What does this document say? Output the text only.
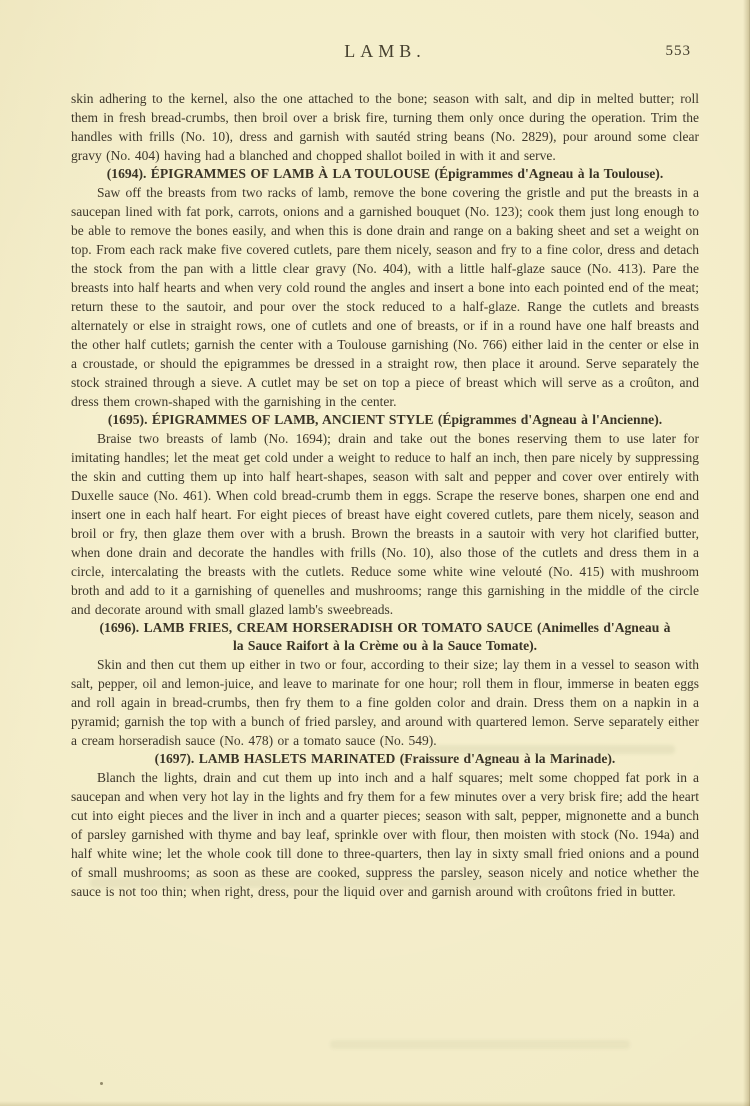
LAMB.	553

skin adhering to the kernel, also the one attached to the bone; season with salt, and dip in melted butter; roll them in fresh bread-crumbs, then broil over a brisk fire, turning them only once during the operation. Trim the handles with frills (No. 10), dress and garnish with sautéd string beans (No. 2829), pour around some clear gravy (No. 404) having had a blanched and chopped shallot boiled in with it and serve.

(1694). ÉPIGRAMMES OF LAMB À LA TOULOUSE (Épigrammes d'Agneau à la Toulouse).

Saw off the breasts from two racks of lamb, remove the bone covering the gristle and put the breasts in a saucepan lined with fat pork, carrots, onions and a garnished bouquet (No. 123); cook them just long enough to be able to remove the bones easily, and when this is done drain and range on a baking sheet and set a weight on top. From each rack make five covered cutlets, pare them nicely, season and fry to a fine color, dress and detach the stock from the pan with a little clear gravy (No. 404), with a little half-glaze sauce (No. 413). Pare the breasts into half hearts and when very cold round the angles and insert a bone into each pointed end of the meat; return these to the sautoir, and pour over the stock reduced to a half-glaze. Range the cutlets and breasts alternately or else in straight rows, one of cutlets and one of breasts, or if in a round have one half breasts and the other half cutlets; garnish the center with a Toulouse garnishing (No. 766) either laid in the center or else in a croustade, or should the epigrammes be dressed in a straight row, then place it around. Serve separately the stock strained through a sieve. A cutlet may be set on top a piece of breast which will serve as a croûton, and dress them crown-shaped with the garnishing in the center.

(1695). ÉPIGRAMMES OF LAMB, ANCIENT STYLE (Épigrammes d'Agneau à l'Ancienne).

Braise two breasts of lamb (No. 1694); drain and take out the bones reserving them to use later for imitating handles; let the meat get cold under a weight to reduce to half an inch, then pare nicely by suppressing the skin and cutting them up into half heart-shapes, season with salt and pepper and cover over entirely with Duxelle sauce (No. 461). When cold bread-crumb them in eggs. Scrape the reserve bones, sharpen one end and insert one in each half heart. For eight pieces of breast have eight covered cutlets, pare them nicely, season and broil or fry, then glaze them over with a brush. Brown the breasts in a sautoir with very hot clarified butter, when done drain and decorate the handles with frills (No. 10), also those of the cutlets and dress them in a circle, intercalating the breasts with the cutlets. Reduce some white wine velouté (No. 415) with mushroom broth and add to it a garnishing of quenelles and mushrooms; range this garnishing in the middle of the circle and decorate around with small glazed lamb's sweebreads.

(1696). LAMB FRIES, CREAM HORSERADISH OR TOMATO SAUCE (Animelles d'Agneau à la Sauce Raifort à la Crème ou à la Sauce Tomate).

Skin and then cut them up either in two or four, according to their size; lay them in a vessel to season with salt, pepper, oil and lemon-juice, and leave to marinate for one hour; roll them in flour, immerse in beaten eggs and roll again in bread-crumbs, then fry them to a fine golden color and drain. Dress them on a napkin in a pyramid; garnish the top with a bunch of fried parsley, and around with quartered lemon. Serve separately either a cream horseradish sauce (No. 478) or a tomato sauce (No. 549).

(1697). LAMB HASLETS MARINATED (Fraissure d'Agneau à la Marinade).

Blanch the lights, drain and cut them up into inch and a half squares; melt some chopped fat pork in a saucepan and when very hot lay in the lights and fry them for a few minutes over a very brisk fire; add the heart cut into eight pieces and the liver in inch and a quarter pieces; season with salt, pepper, mignonette and a bunch of parsley garnished with thyme and bay leaf, sprinkle over with flour, then moisten with stock (No. 194a) and half white wine; let the whole cook till done to three-quarters, then lay in sixty small fried onions and a pound of small mushrooms; as soon as these are cooked, suppress the parsley, season nicely and notice whether the sauce is not too thin; when right, dress, pour the liquid over and garnish around with croûtons fried in butter.
